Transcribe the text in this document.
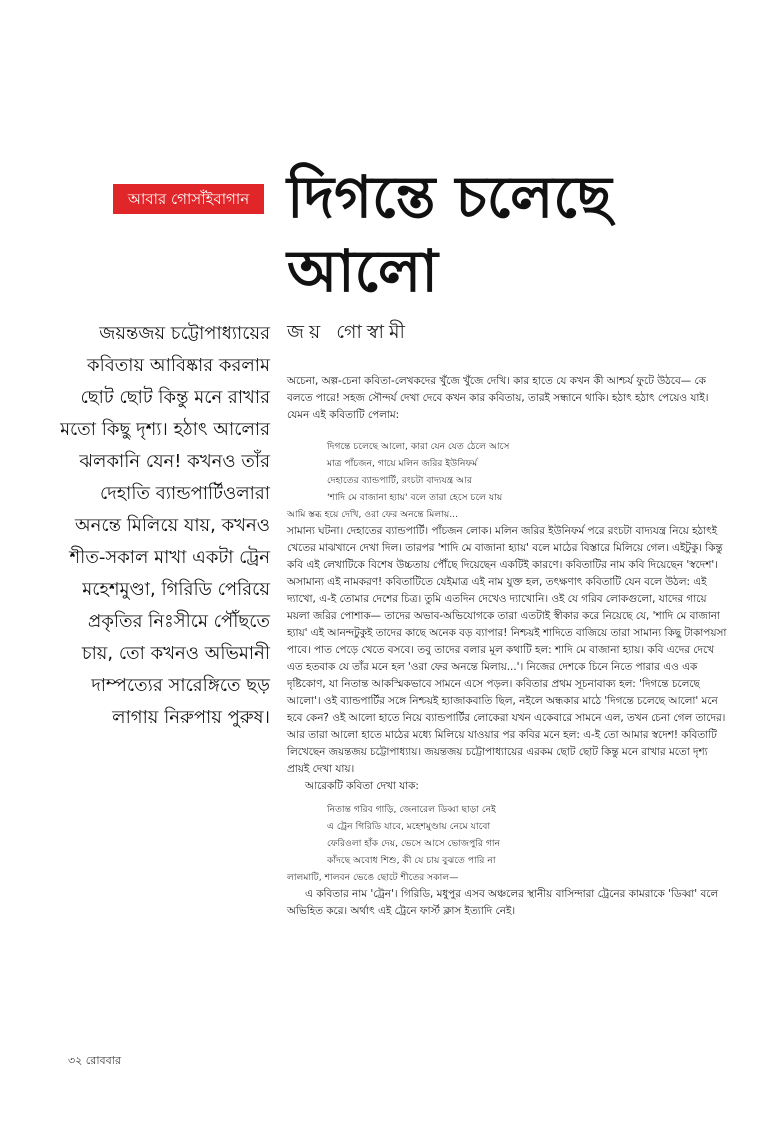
আবার গোসাঁইবাগান দিগন্তে চলেছে
আলো
জয় গোস্বামী

জয়ন্তজয় চট্টোপাধ্যায়ের কবিতায় আবিষ্কার করলাম ছোট ছোট কিন্তু মনে রাখার মতো কিছু দৃশ্য। হঠাৎ আলোর ঝলকানি যেন! কখনও তাঁর দেহাতি ব্যান্ডপার্টিওলারা অনন্তে মিলিয়ে যায়, কখনও শীত-সকাল মাখা একটা ট্রেন মহেশমুণ্ডা, গিরিডি পেরিয়ে প্রকৃতির নিঃসীমে পৌঁছতে চায়, তো কখনও অভিমানী দাম্পত্যের সারেঙ্গিতে ছড় লাগায় নিরুপায় পুরুষ।

অচেনা, অল্প-চেনা কবিতা-লেখকদের খুঁজে খুঁজে দেখি। কার হাতে যে কখন কী আশ্চর্য ফুটে উঠবে— কে বলতে পারে! সহজ সৌন্দর্য দেখা দেবে কখন কার কবিতায়, তারই সন্ধানে থাকি। হঠাৎ হঠাৎ পেয়েও যাই। যেমন এই কবিতাটি পেলাম:

দিগন্তে চলেছে আলো, কারা যেন যেত ঠেলে আসে
মাত্র পাঁচজন, গায়ে মলিন জরির ইউনিফর্ম
দেহাতের ব্যান্ডপার্টি, রংচটা বাদ্যযন্ত্র আর
'শাদি মে বাজানা হ্যায়' বলে তারা হেসে চলে যায়

আমি স্তব্ধ হয়ে দেখি, ওরা ফের অনন্তে মিলায়...

সামান্য ঘটনা। দেহাতের ব্যান্ডপার্টি। পাঁচজন লোক। মলিন জরির ইউনিফর্ম পরে রংচটা বাদ্যযন্ত্র নিয়ে হঠাৎই খেতের মাঝখানে দেখা দিল। তারপর 'শাদি মে বাজানা হ্যায়' বলে মাঠের বিস্তারে মিলিয়ে গেল। এইটুকু। কিন্তু কবি এই লেখাটিকে বিশেষ উচ্চতায় পৌঁছে দিয়েছেন একটিই কারণে। কবিতাটির নাম কবি দিয়েছেন 'স্বদেশ'। অসামান্য এই নামকরণ! কবিতাটিতে যেইমাত্র এই নাম যুক্ত হল, তৎক্ষণাৎ কবিতাটি যেন বলে উঠল: এই দ্যাখো, এ-ই তোমার দেশের চিত্র। তুমি এতদিন দেখেও দ্যাখোনি। ওই যে গরিব লোকগুলো, যাদের গায়ে ময়লা জরির পোশাক— তাদের অভাব-অভিযোগকে তারা এতটাই স্বীকার করে নিয়েছে যে, 'শাদি মে বাজানা হ্যায়' এই আনন্দটুকুই তাদের কাছে অনেক বড় ব্যাপার! নিশ্চয়ই শাদিতে বাজিয়ে তারা সামান্য কিছু টাকাপয়সা পাবে। পাত পেড়ে খেতে বসবে। তবু তাদের বলার মূল কথাটি হল: শাদি মে বাজানা হ্যায়। কবি এদের দেখে এত হতবাক যে তাঁর মনে হল 'ওরা ফের অনন্তে মিলায়...'। নিজের দেশকে চিনে নিতে পারার এও এক দৃষ্টিকোণ, যা নিতান্ত আকস্মিকভাবে সামনে এসে পড়ল। কবিতার প্রথম সূচনাবাক্য হল: 'দিগন্তে চলেছে আলো'। ওই ব্যান্ডপার্টির সঙ্গে নিশ্চয়ই হ্যাজাকবাতি ছিল, নইলে অন্ধকার মাঠে 'দিগন্তে চলেছে আলো' মনে হবে কেন? ওই আলো হাতে নিয়ে ব্যান্ডপার্টির লোকেরা যখন একেবারে সামনে এল, তখন চেনা গেল তাদের। আর তারা আলো হাতে মাঠের মধ্যে মিলিয়ে যাওয়ার পর কবির মনে হল: এ-ই তো আমার স্বদেশ! কবিতাটি লিখেছেন জয়ন্তজয় চট্টোপাধ্যায়। জয়ন্তজয় চট্টোপাধ্যায়ের এরকম ছোট ছোট কিন্তু মনে রাখার মতো দৃশ্য প্রায়ই দেখা যায়।

আরেকটি কবিতা দেখা যাক:

নিতান্ত গরিব গাড়ি, জেনারেল ডিব্বা ছাড়া নেই
এ ট্রেন গিরিডি যাবে, মহেশমুণ্ডায় নেমে যাবো
ফেরিওলা হাঁক দেয়, ভেসে আসে ভোজপুরি গান
কাঁদছে অবোধ শিশু, কী যে চায় বুঝতে পারি না

লালমাটি, শালবন ভেঙে ছোটে শীতের সকাল—

এ কবিতার নাম 'ট্রেন'। গিরিডি, মধুপুর এসব অঞ্চলের স্থানীয় বাসিন্দারা ট্রেনের কামরাকে 'ডিব্বা' বলে অভিহিত করে। অর্থাৎ এই ট্রেনে ফার্স্ট ক্লাস ইত্যাদি নেই।

৩২ রোববার
